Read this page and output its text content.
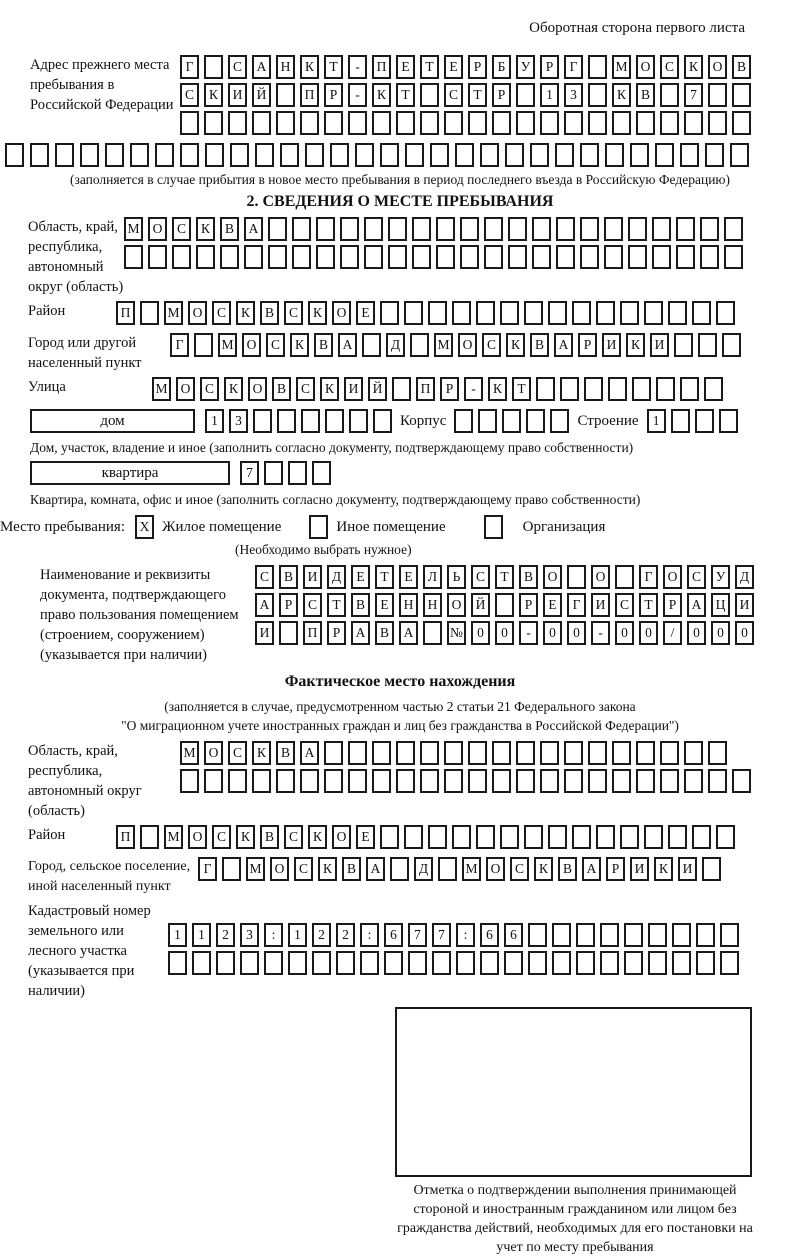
Оборотная сторона первого листа
Адрес прежнего места пребывания в Российской Федерации
Г	С	А	Н	К	Т	-	П	Е	Т	Е	Р	Б	У	Р	Г	М О	С	К	О	В
С	К	И	Й	П	Р	-	К	Т	С	Т	Р	1	3	К	В	7
(заполняется в случае прибытия в новое место пребывания в период последнего въезда в Российскую Федерацию)
2. СВЕДЕНИЯ О МЕСТЕ ПРЕБЫВАНИЯ
Область, край, республика, автономный округ (область)
М О	С	К	В	А
Район	П	М О	С	К	В	С	К	О	Е
Город или другой населенный пункт
Г	М О	С	К	В	А	Д	М О	С	К	В	А	Р	И	К	И
Улица	М О	С	К	О	В	С	К	И	Й	П	Р	-	К	Т
дом	1	3	Корпус	Строение	1
Дом, участок, владение и иное (заполнить согласно документу, подтверждающему право собственности)
квартира	7
Квартира, комната, офис и иное (заполнить согласно документу, подтверждающему право собственности)
Место пребывания:	X Жилое помещение	Иное помещение	Организация
(Необходимо выбрать нужное)
Наименование и реквизиты документа, подтверждающего право пользования помещением (строением, сооружением) (указывается при наличии)
С	В	И	Д	Е	Т	Е	Л	Ь	С	Т	В	О	О	Г	О	С	У	Д
А	Р	С	Т	В	Е	Н	Н	О	Й	Р	Е	Г	И	С	Т	Р	А	Ц	И
И	П	Р	А	В	А	№	0	0	-	0	0	-	0	0	/	0	0	0
Фактическое место нахождения
(заполняется в случае, предусмотренном частью 2 статьи 21 Федерального закона
"О миграционном учете иностранных граждан и лиц без гражданства в Российской Федерации")
Область, край, республика, автономный округ (область)
М О	С	К	В	А
Район	П	М О	С	К	В	С	К	О	Е
Город, сельское поселение, иной населенный пункт
Г	М О	С	К	В	А	Д	М О	С	К	В	А	Р	И	К	И
Кадастровый номер земельного или лесного участка (указывается при наличии)
1	1	2	3	:	1	2	2	:	6	7	7	:	6	6
Отметка о подтверждении выполнения принимающей стороной и иностранным гражданином или лицом без гражданства действий, необходимых для его постановки на учет по месту пребывания
